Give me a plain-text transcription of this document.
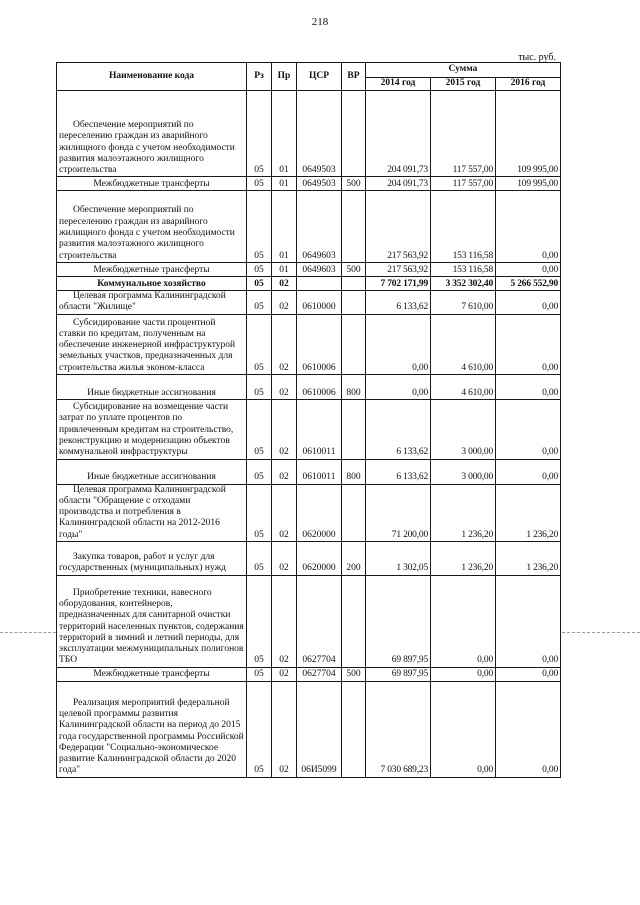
218
тыс. руб.
Наименование кода	Рз	Пр	ЦСР	ВР	Сумма		
					2014 год	2015 год	2016 год
Обеспечение мероприятий по переселению граждан из аварийного жилищного фонда с учетом необходимости развития малоэтажного жилищного строительства	05	01	0649503		204 091,73	117 557,00	109 995,00
Межбюджетные трансферты	05	01	0649503	500	204 091,73	117 557,00	109 995,00
Обеспечение мероприятий по переселению граждан из аварийного жилищного фонда с учетом необходимости развития малоэтажного жилищного строительства	05	01	0649603		217 563,92	153 116,58	0,00
Межбюджетные трансферты	05	01	0649603	500	217 563,92	153 116,58	0,00
Коммунальное хозяйство	05	02			7 702 171,99	3 352 302,40	5 266 552,90
Целевая программа Калининградской области "Жилище"	05	02	0610000		6 133,62	7 610,00	0,00
Субсидирование части процентной ставки по кредитам, полученным на обеспечение инженерной инфраструктурой земельных участков, предназначенных для строительства жилья эконом-класса	05	02	0610006		0,00	4 610,00	0,00
Иные бюджетные ассигнования	05	02	0610006	800	0,00	4 610,00	0,00
Субсидирование на возмещение части затрат по уплате процентов по привлеченным кредитам на строительство, реконструкцию и модернизацию объектов коммунальной инфраструктуры	05	02	0610011		6 133,62	3 000,00	0,00
Иные бюджетные ассигнования	05	02	0610011	800	6 133,62	3 000,00	0,00
Целевая программа Калининградской области "Обращение с отходами производства и потребления в Калининградской области на 2012-2016 годы"	05	02	0620000		71 200,00	1 236,20	1 236,20
Закупка товаров, работ и услуг для государственных (муниципальных) нужд	05	02	0620000	200	1 302,05	1 236,20	1 236,20
Приобретение техники, навесного оборудования, контейнеров, предназначенных для санитарной очистки территорий населенных пунктов, содержания территорий в зимний и летний периоды, для эксплуатации межмуниципальных полигонов ТБО	05	02	0627704		69 897,95	0,00	0,00
Межбюджетные трансферты	05	02	0627704	500	69 897,95	0,00	0,00
Реализация мероприятий федеральной целевой программы развития Калининградской области на период до 2015 года государственной программы Российской Федерации "Социально-экономическое развитие Калининградской области до 2020 года"	05	02	06И5099		7 030 689,23	0,00	0,00
